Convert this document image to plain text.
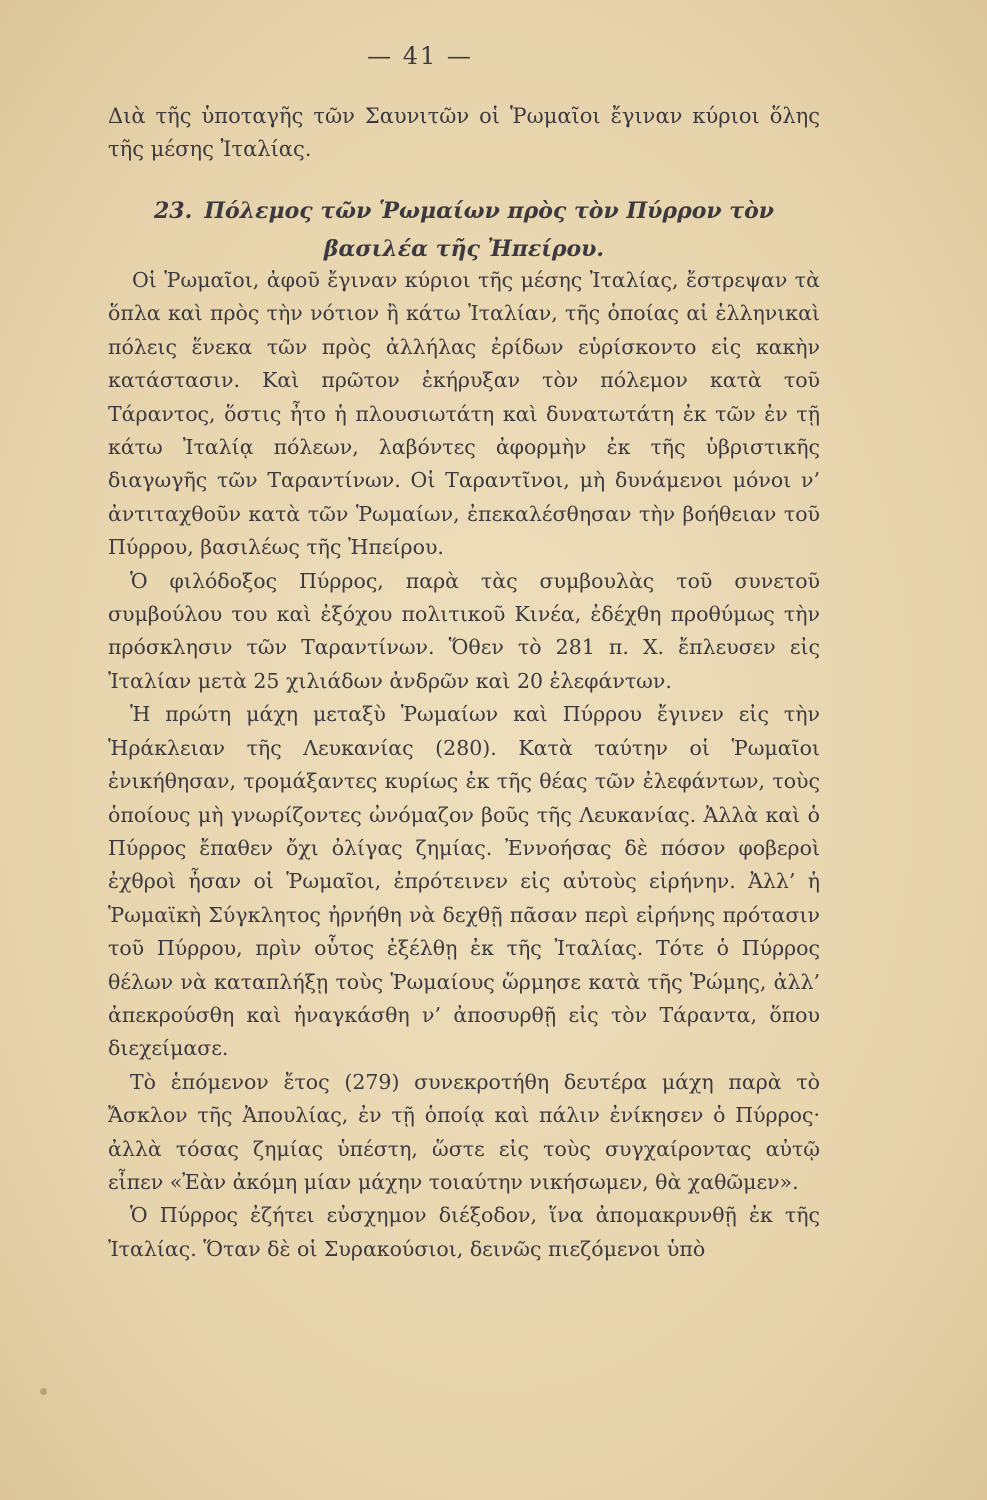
— 41 —
Διὰ τῆς ὑποταγῆς τῶν Σαυνιτῶν οἱ Ῥωμαῖοι ἔγιναν κύριοι ὅλης τῆς μέσης Ἰταλίας.
23. Πόλεμος τῶν Ῥωμαίων πρὸς τὸν Πύρρον τὸν βασιλέα τῆς Ἠπείρου.

Οἱ Ῥωμαῖοι, ἀφοῦ ἔγιναν κύριοι τῆς μέσης Ἰταλίας, ἔστρεψαν τὰ ὅπλα καὶ πρὸς τὴν νότιον ἢ κάτω Ἰταλίαν, τῆς ὁποίας αἱ ἑλληνικαὶ πόλεις ἕνεκα τῶν πρὸς ἀλλήλας ἐρίδων εὑρίσκοντο εἰς κακὴν κατάστασιν. Καὶ πρῶτον ἐκήρυξαν τὸν πόλεμον κατὰ τοῦ Τάραντος, ὅστις ἦτο ἡ πλουσιωτάτη καὶ δυνατωτάτη ἐκ τῶν ἐν τῇ κάτω Ἰταλίᾳ πόλεων, λαβόντες ἀφορμὴν ἐκ τῆς ὑβριστικῆς διαγωγῆς τῶν Ταραντίνων. Οἱ Ταραντῖνοι, μὴ δυνάμενοι μόνοι ν’ ἀντιταχθοῦν κατὰ τῶν Ῥωμαίων, ἐπεκαλέσθησαν τὴν βοήθειαν τοῦ Πύρρου, βασιλέως τῆς Ἠπείρου.

Ὁ φιλόδοξος Πύρρος, παρὰ τὰς συμβουλὰς τοῦ συνετοῦ συμβούλου του καὶ ἐξόχου πολιτικοῦ Κινέα, ἐδέχθη προθύμως τὴν πρόσκλησιν τῶν Ταραντίνων. Ὅθεν τὸ 281 π. Χ. ἔπλευσεν εἰς Ἰταλίαν μετὰ 25 χιλιάδων ἀνδρῶν καὶ 20 ἐλεφάντων.

Ἡ πρώτη μάχη μεταξὺ Ῥωμαίων καὶ Πύρρου ἔγινεν εἰς τὴν Ἡράκλειαν τῆς Λευκανίας (280). Κατὰ ταύτην οἱ Ῥωμαῖοι ἐνικήθησαν, τρομάξαντες κυρίως ἐκ τῆς θέας τῶν ἐλεφάντων, τοὺς ὁποίους μὴ γνωρίζοντες ὠνόμαζον βοῦς τῆς Λευκανίας. Ἀλλὰ καὶ ὁ Πύρρος ἔπαθεν ὄχι ὀλίγας ζημίας. Ἐννοήσας δὲ πόσον φοβεροὶ ἐχθροὶ ἦσαν οἱ Ῥωμαῖοι, ἐπρότεινεν εἰς αὐτοὺς εἰρήνην. Ἀλλ’ ἡ Ῥωμαϊκὴ Σύγκλητος ἠρνήθη νὰ δεχθῇ πᾶσαν περὶ εἰρήνης πρότασιν τοῦ Πύρρου, πρὶν οὗτος ἐξέλθῃ ἐκ τῆς Ἰταλίας. Τότε ὁ Πύρρος θέλων νὰ καταπλήξῃ τοὺς Ῥωμαίους ὥρμησε κατὰ τῆς Ῥώμης, ἀλλ’ ἀπεκρούσθη καὶ ἠναγκάσθη ν’ ἀποσυρθῇ εἰς τὸν Τάραντα, ὅπου διεχείμασε.

Τὸ ἑπόμενον ἔτος (279) συνεκροτήθη δευτέρα μάχη παρὰ τὸ Ἄσκλον τῆς Ἀπουλίας, ἐν τῇ ὁποίᾳ καὶ πάλιν ἐνίκησεν ὁ Πύρρος· ἀλλὰ τόσας ζημίας ὑπέστη, ὥστε εἰς τοὺς συγχαίροντας αὐτῷ εἶπεν «Ἐὰν ἀκόμη μίαν μάχην τοιαύτην νικήσωμεν, θὰ χαθῶμεν».

Ὁ Πύρρος ἐζήτει εὐσχημον διέξοδον, ἵνα ἀπομακρυνθῇ ἐκ τῆς Ἰταλίας. Ὅταν δὲ οἱ Συρακούσιοι, δεινῶς πιεζόμενοι ὑπὸ
